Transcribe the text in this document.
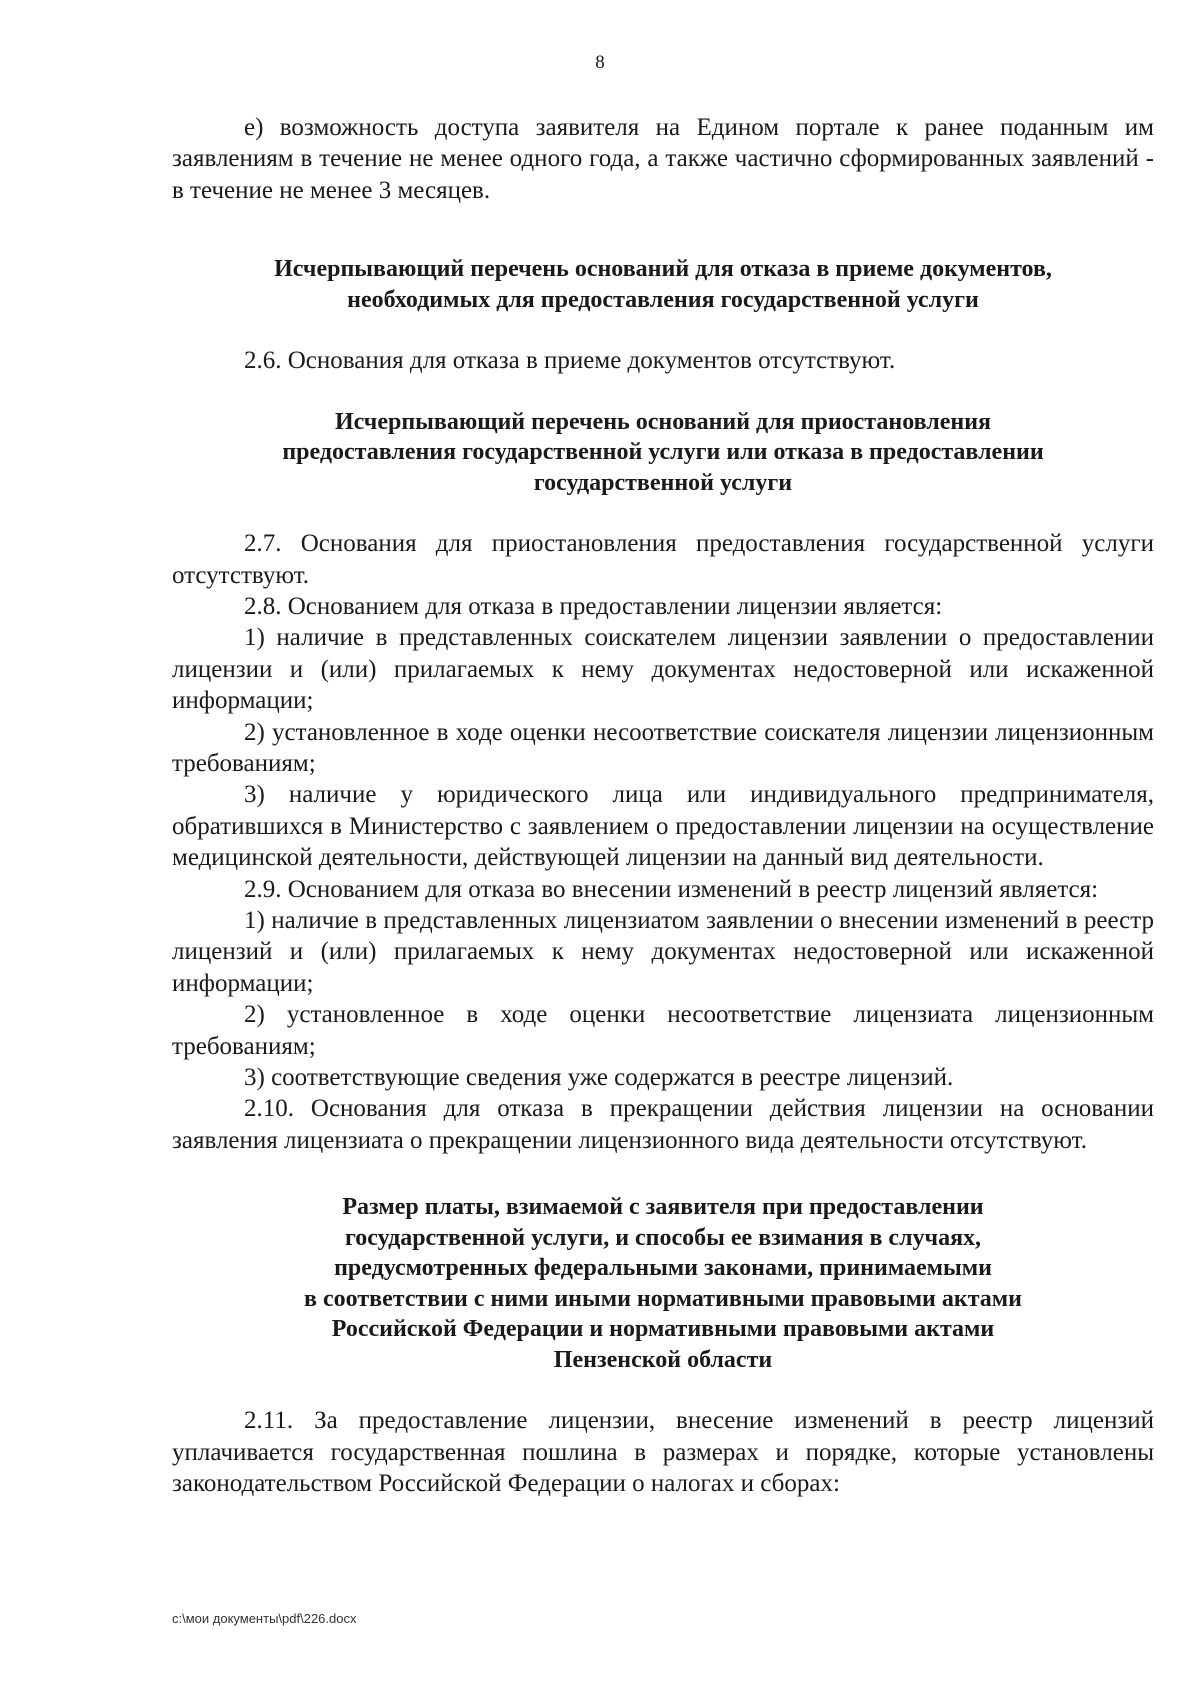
8

е) возможность доступа заявителя на Едином портале к ранее поданным им заявлениям в течение не менее одного года, а также частично сформированных заявлений - в течение не менее 3 месяцев.

Исчерпывающий перечень оснований для отказа в приеме документов,
необходимых для предоставления государственной услуги

2.6. Основания для отказа в приеме документов отсутствуют.

Исчерпывающий перечень оснований для приостановления
предоставления государственной услуги или отказа в предоставлении
государственной услуги

2.7. Основания для приостановления предоставления государственной услуги отсутствуют.

2.8. Основанием для отказа в предоставлении лицензии является:

1) наличие в представленных соискателем лицензии заявлении о предоставлении лицензии и (или) прилагаемых к нему документах недостоверной или искаженной информации;

2) установленное в ходе оценки несоответствие соискателя лицензии лицензионным требованиям;

3) наличие у юридического лица или индивидуального предпринимателя, обратившихся в Министерство с заявлением о предоставлении лицензии на осуществление медицинской деятельности, действующей лицензии на данный вид деятельности.

2.9. Основанием для отказа во внесении изменений в реестр лицензий является:

1) наличие в представленных лицензиатом заявлении о внесении изменений в реестр лицензий и (или) прилагаемых к нему документах недостоверной или искаженной информации;

2) установленное в ходе оценки несоответствие лицензиата лицензионным требованиям;

3) соответствующие сведения уже содержатся в реестре лицензий.

2.10. Основания для отказа в прекращении действия лицензии на основании заявления лицензиата о прекращении лицензионного вида деятельности отсутствуют.

Размер платы, взимаемой с заявителя при предоставлении
государственной услуги, и способы ее взимания в случаях,
предусмотренных федеральными законами, принимаемыми
в соответствии с ними иными нормативными правовыми актами
Российской Федерации и нормативными правовыми актами
Пензенской области

2.11. За предоставление лицензии, внесение изменений в реестр лицензий уплачивается государственная пошлина в размерах и порядке, которые установлены законодательством Российской Федерации о налогах и сборах:

c:\мои документы\pdf\226.docx
